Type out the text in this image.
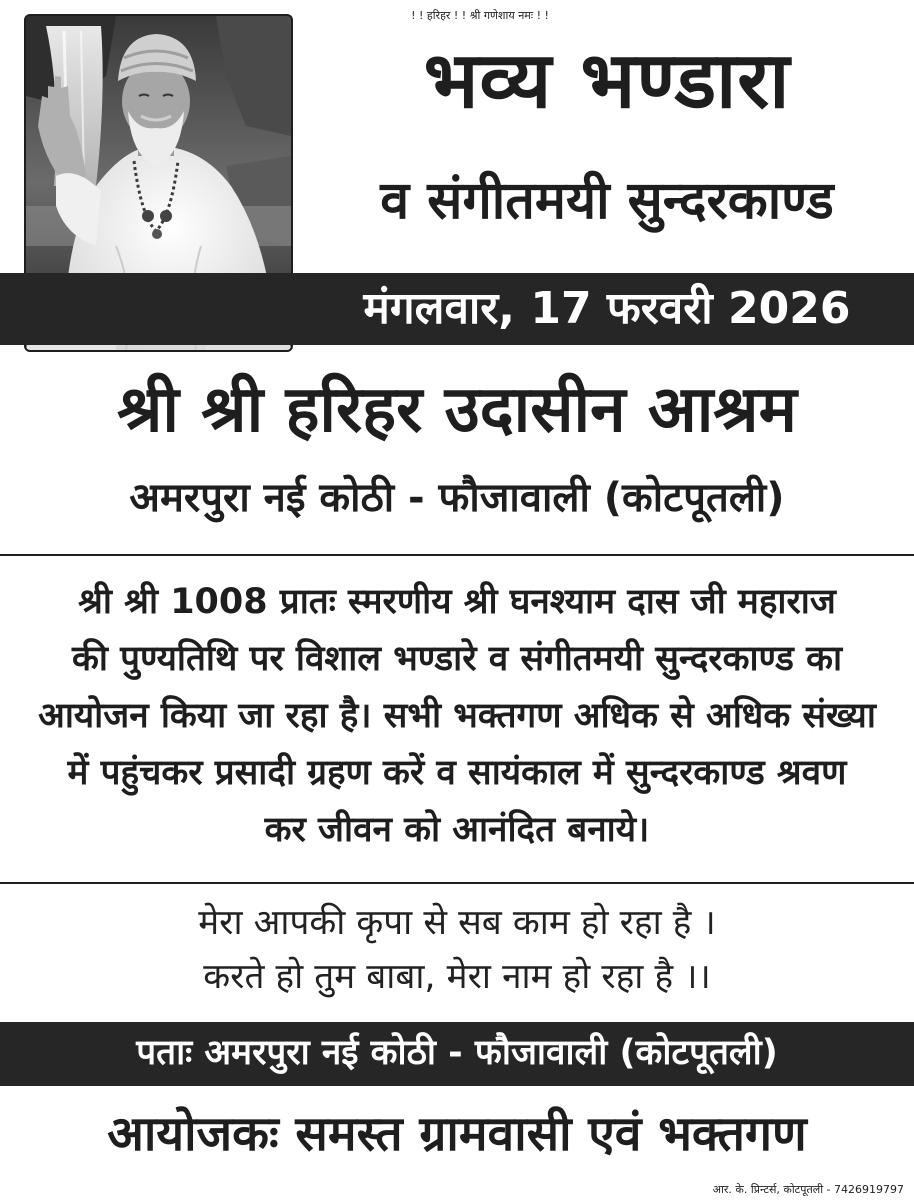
! ! हरिहर ! ! श्री गणेशाय नमः ! !
भव्य भण्डारा
व संगीतमयी सुन्दरकाण्ड
मंगलवार, 17 फरवरी 2026
श्री श्री हरिहर उदासीन आश्रम
अमरपुरा नई कोठी - फौजावाली (कोटपूतली)
श्री श्री 1008 प्रातः स्मरणीय श्री घनश्याम दास जी महाराज
की पुण्यतिथि पर विशाल भण्डारे व संगीतमयी सुन्दरकाण्ड का
आयोजन किया जा रहा है। सभी भक्तगण अधिक से अधिक संख्या
में पहुंचकर प्रसादी ग्रहण करें व सायंकाल में सुन्दरकाण्ड श्रवण
कर जीवन को आनंदित बनाये।
मेरा आपकी कृपा से सब काम हो रहा है ।
करते हो तुम बाबा, मेरा नाम हो रहा है ।।
पताः अमरपुरा नई कोठी - फौजावाली (कोटपूतली)
आयोजकः समस्त ग्रामवासी एवं भक्तगण
आर. के. प्रिन्टर्स, कोटपूतली - 7426919797
